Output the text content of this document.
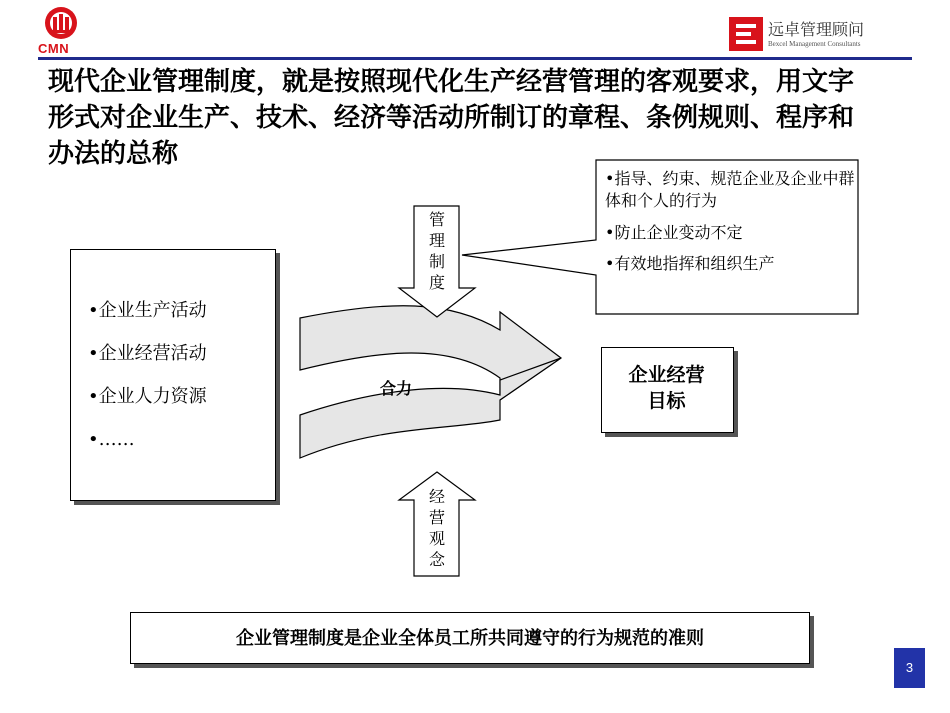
CMN
远卓管理顾问
Bexcel Management Consultants
现代企业管理制度，就是按照现代化生产经营管理的客观要求，用文字形式对企业生产、技术、经济等活动所制订的章程、条例规则、程序和办法的总称
•企业生产活动
•企业经营活动
•企业人力资源
•……
管
理
制
度
经
营
观
念
合力

•指导、约束、规范企业及企业中群体和个人的行为

•防止企业变动不定

•有效地指挥和组织生产

企业经营
目标
企业管理制度是企业全体员工所共同遵守的行为规范的准则
3
